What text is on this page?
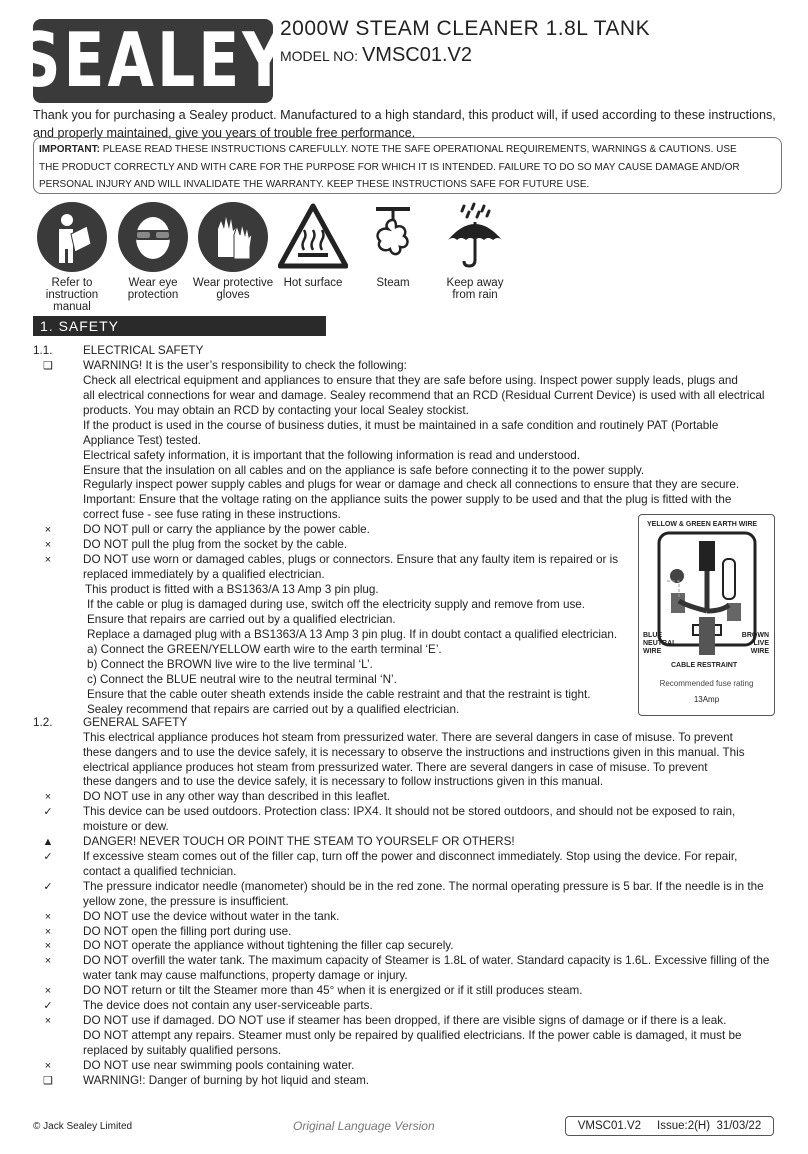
SEALEY
2000W STEAM CLEANER 1.8L TANK
MODEL NO: VMSC01.V2
Thank you for purchasing a Sealey product. Manufactured to a high standard, this product will, if used according to these instructions,
and properly maintained, give you years of trouble free performance.
IMPORTANT: PLEASE READ THESE INSTRUCTIONS CAREFULLY. NOTE THE SAFE OPERATIONAL REQUIREMENTS, WARNINGS & CAUTIONS. USE
THE PRODUCT CORRECTLY AND WITH CARE FOR THE PURPOSE FOR WHICH IT IS INTENDED. FAILURE TO DO SO MAY CAUSE DAMAGE AND/OR
PERSONAL INJURY AND WILL INVALIDATE THE WARRANTY. KEEP THESE INSTRUCTIONS SAFE FOR FUTURE USE.
Refer to
instruction
manual
Wear eye
protection
Wear protective
gloves
Hot surface	Steam	Keep away
from rain
1. SAFETY
1.1.	ELECTRICAL SAFETY
❑	WARNING! It is the user’s responsibility to check the following:
Check all electrical equipment and appliances to ensure that they are safe before using. Inspect power supply leads, plugs and
all electrical connections for wear and damage. Sealey recommend that an RCD (Residual Current Device) is used with all electrical
products. You may obtain an RCD by contacting your local Sealey stockist.
If the product is used in the course of business duties, it must be maintained in a safe condition and routinely PAT (Portable
Appliance Test) tested.
Electrical safety information, it is important that the following information is read and understood.
Ensure that the insulation on all cables and on the appliance is safe before connecting it to the power supply.
Regularly inspect power supply cables and plugs for wear or damage and check all connections to ensure that they are secure.
Important: Ensure that the voltage rating on the appliance suits the power supply to be used and that the plug is fitted with the
correct fuse - see fuse rating in these instructions.
×	DO NOT pull or carry the appliance by the power cable.
×	DO NOT pull the plug from the socket by the cable.
×	DO NOT use worn or damaged cables, plugs or connectors. Ensure that any faulty item is repaired or is
replaced immediately by a qualified electrician.
This product is fitted with a BS1363/A 13 Amp 3 pin plug.
If the cable or plug is damaged during use, switch off the electricity supply and remove from use.
Ensure that repairs are carried out by a qualified electrician.
Replace a damaged plug with a BS1363/A 13 Amp 3 pin plug. If in doubt contact a qualified electrician.
a) Connect the GREEN/YELLOW earth wire to the earth terminal ‘E’.
b) Connect the BROWN live wire to the live terminal ‘L’.
c) Connect the BLUE neutral wire to the neutral terminal ‘N’.
Ensure that the cable outer sheath extends inside the cable restraint and that the restraint is tight.
Sealey recommend that repairs are carried out by a qualified electrician.
YELLOW & GREEN EARTH WIRE
BLUE
NEUTRAL
WIRE
BROWN
LIVE
WIRE
CABLE RESTRAINT
Recommended fuse rating
13Amp
1.2.	GENERAL SAFETY
This electrical appliance produces hot steam from pressurized water. There are several dangers in case of misuse. To prevent
these dangers and to use the device safely, it is necessary to observe the instructions and instructions given in this manual. This
electrical appliance produces hot steam from pressurized water. There are several dangers in case of misuse. To prevent
these dangers and to use the device safely, it is necessary to follow instructions given in this manual.
×	DO NOT use in any other way than described in this leaflet.
✓	This device can be used outdoors. Protection class: IPX4. It should not be stored outdoors, and should not be exposed to rain,
moisture or dew.
▲	DANGER! NEVER TOUCH OR POINT THE STEAM TO YOURSELF OR OTHERS!
✓	If excessive steam comes out of the filler cap, turn off the power and disconnect immediately. Stop using the device. For repair,
contact a qualified technician.
✓	The pressure indicator needle (manometer) should be in the red zone. The normal operating pressure is 5 bar. If the needle is in the
yellow zone, the pressure is insufficient.
×	DO NOT use the device without water in the tank.
×	DO NOT open the filling port during use.
×	DO NOT operate the appliance without tightening the filler cap securely.
×	DO NOT overfill the water tank. The maximum capacity of Steamer is 1.8L of water. Standard capacity is 1.6L. Excessive filling of the
water tank may cause malfunctions, property damage or injury.
×	DO NOT return or tilt the Steamer more than 45° when it is energized or if it still produces steam.
✓	The device does not contain any user-serviceable parts.
×	DO NOT use if damaged. DO NOT use if steamer has been dropped, if there are visible signs of damage or if there is a leak.
DO NOT attempt any repairs. Steamer must only be repaired by qualified electricians. If the power cable is damaged, it must be
replaced by suitably qualified persons.
×	DO NOT use near swimming pools containing water.
❑	WARNING!: Danger of burning by hot liquid and steam.
© Jack Sealey Limited	Original Language Version	VMSC01.V2     Issue:2(H)  31/03/22
